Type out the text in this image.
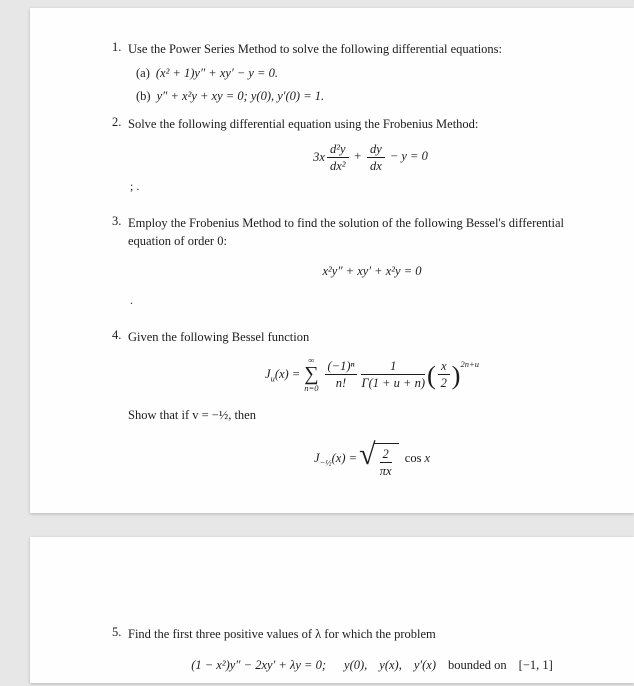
1. Use the Power Series Method to solve the following differential equations:
(a) (x² + 1)y″ + xy′ − y = 0.
(b) y″ + x²y + xy = 0; y(0), y′(0) = 1.
2. Solve the following differential equation using the Frobenius Method:
$3x \frac{\text{d²y}}{\text{dx²}} + \frac{dy}{dx} - y = 0$
; .
3. Employ the Frobenius Method to find the solution of the following Bessel's differential
equation of order 0:
x²y″ + xy′ + x²y = 0
.
4. Given the following Bessel function
$J_u(x)$ =
∞
∑
$n=0 \frac{\text{(−1)ⁿ}}{n!} \frac{1}{\Gamma(1 + u + n)}$ ( $\frac{x}{2} )^{2n+u}$
Show that if v = −½, then
$J_{-\frac{1}{2}}(x)$ = √ $\frac{2}{\pi x}$ cos x
5. Find the first three positive values of λ for which the problem
(1 − x²)y″ − 2xy′ + λy = 0; y(0), y(x), y′(x) bounded on [−1, 1]
